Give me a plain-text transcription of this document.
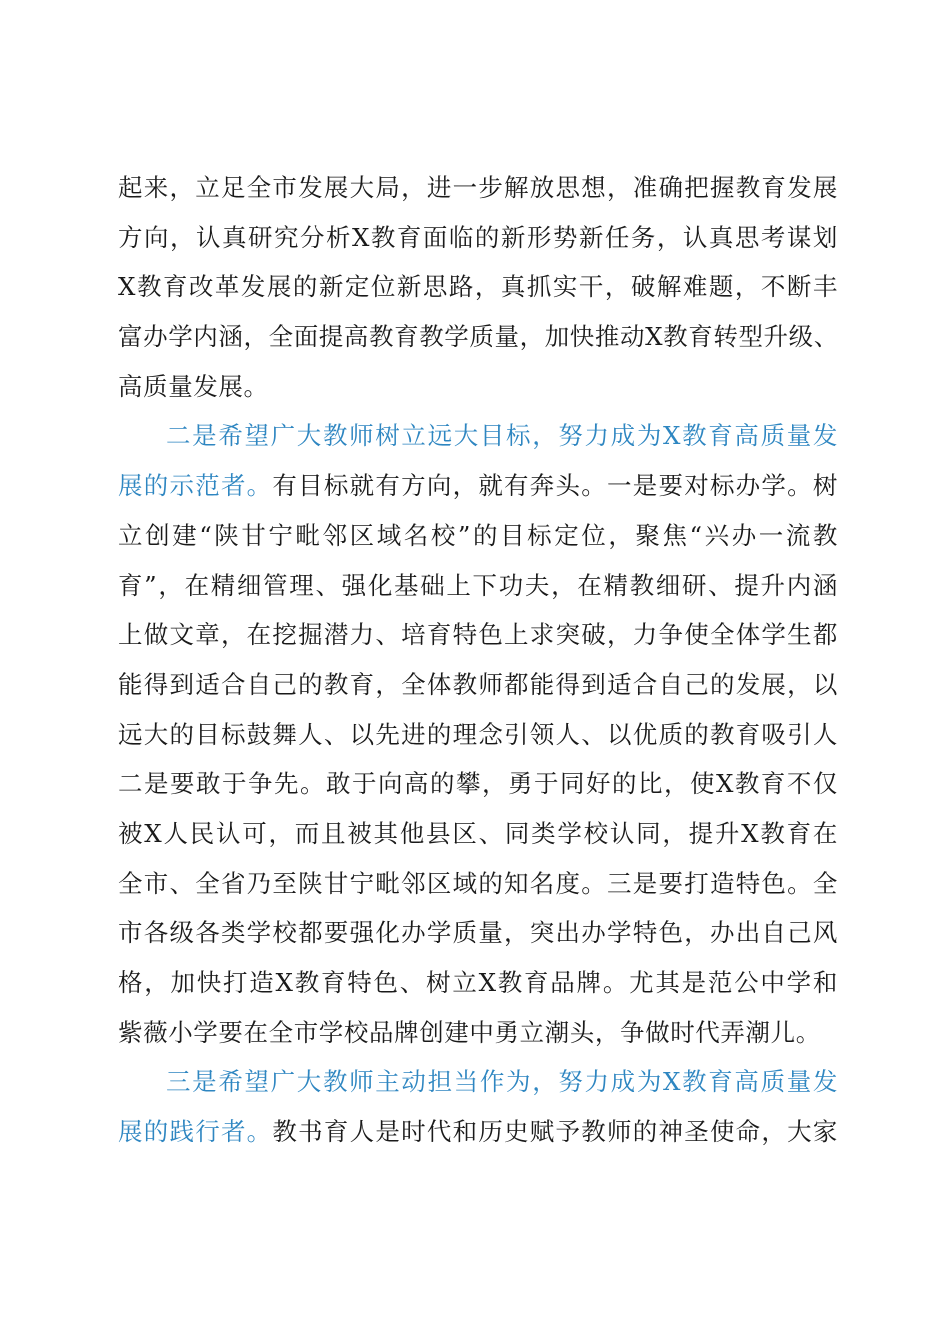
起来，立足全市发展大局，进一步解放思想，准确把握教育发展
方向，认真研究分析X教育面临的新形势新任务，认真思考谋划
X教育改革发展的新定位新思路，真抓实干，破解难题，不断丰
富办学内涵，全面提高教育教学质量，加快推动X教育转型升级、
高质量发展。
二是希望广大教师树立远大目标，努力成为X教育高质量发
展的示范者。有目标就有方向，就有奔头。一是要对标办学。树
立创建“陕甘宁毗邻区域名校”的目标定位，聚焦“兴办一流教
育”，在精细管理、强化基础上下功夫，在精教细研、提升内涵
上做文章，在挖掘潜力、培育特色上求突破，力争使全体学生都
能得到适合自己的教育，全体教师都能得到适合自己的发展，以
远大的目标鼓舞人、以先进的理念引领人、以优质的教育吸引人
二是要敢于争先。敢于向高的攀，勇于同好的比，使X教育不仅
被X人民认可，而且被其他县区、同类学校认同，提升X教育在
全市、全省乃至陕甘宁毗邻区域的知名度。三是要打造特色。全
市各级各类学校都要强化办学质量，突出办学特色，办出自己风
格，加快打造X教育特色、树立X教育品牌。尤其是范公中学和
紫薇小学要在全市学校品牌创建中勇立潮头，争做时代弄潮儿。
三是希望广大教师主动担当作为，努力成为X教育高质量发
展的践行者。教书育人是时代和历史赋予教师的神圣使命，大家
